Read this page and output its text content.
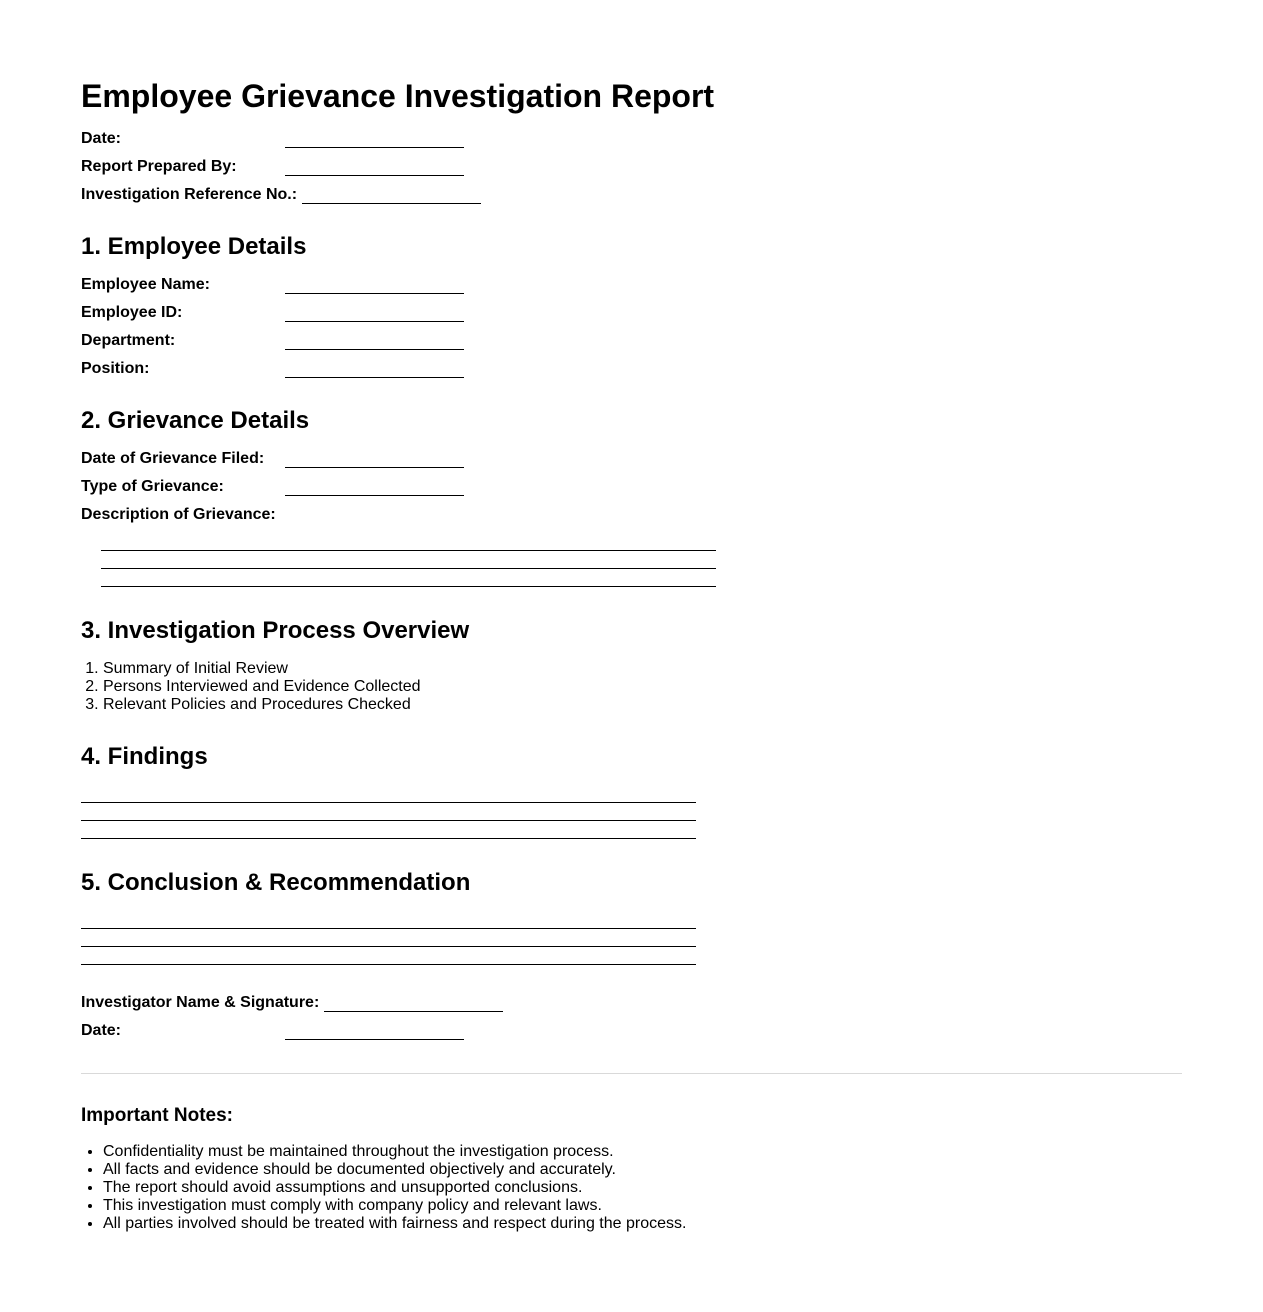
Employee Grievance Investigation Report
Date:
Report Prepared By:
Investigation Reference No.:
1. Employee Details
Employee Name:
Employee ID:
Department:
Position:
2. Grievance Details
Date of Grievance Filed:
Type of Grievance:
Description of Grievance:
3. Investigation Process Overview
1. Summary of Initial Review
2. Persons Interviewed and Evidence Collected
3. Relevant Policies and Procedures Checked
4. Findings
5. Conclusion & Recommendation
Investigator Name & Signature:
Date:
Important Notes:
• Confidentiality must be maintained throughout the investigation process.
• All facts and evidence should be documented objectively and accurately.
• The report should avoid assumptions and unsupported conclusions.
• This investigation must comply with company policy and relevant laws.
• All parties involved should be treated with fairness and respect during the process.
